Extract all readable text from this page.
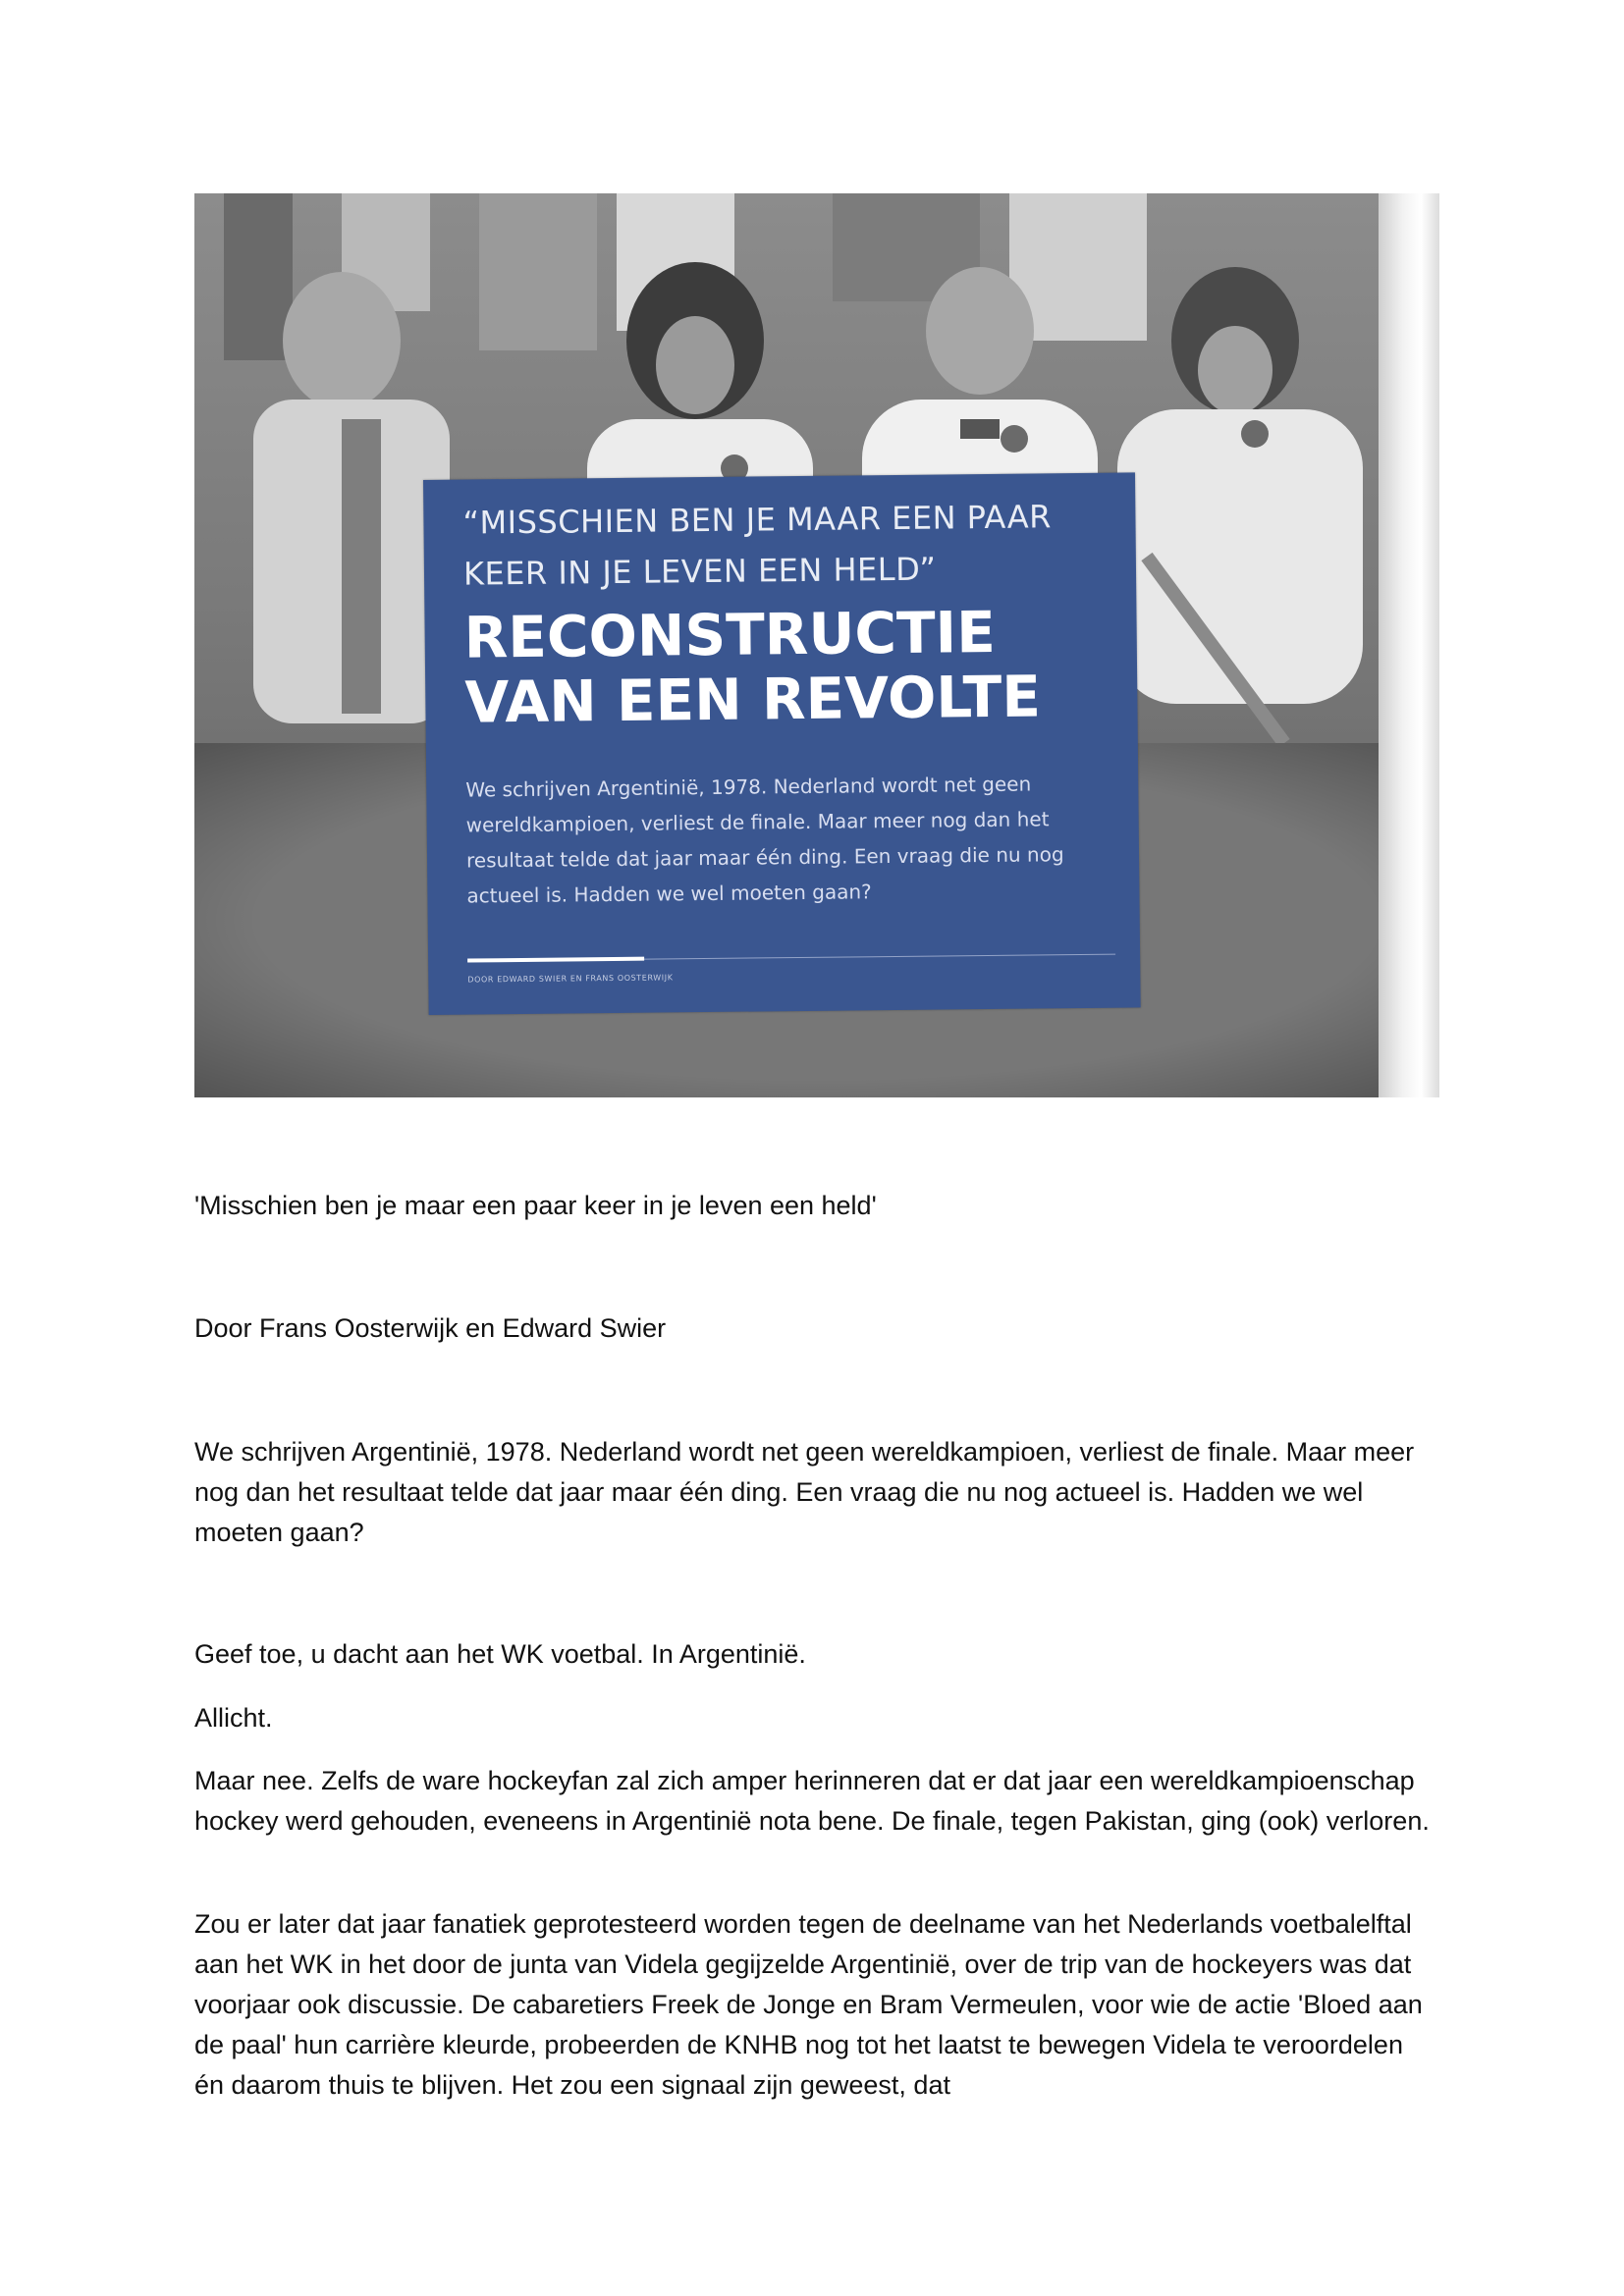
“MISSCHIEN BEN JE MAAR EEN PAAR
KEER IN JE LEVEN EEN HELD”
RECONSTRUCTIE
VAN EEN REVOLTE
We schrijven Argentinië, 1978. Nederland wordt net geen
wereldkampioen, verliest de finale. Maar meer nog dan het
resultaat telde dat jaar maar één ding. Een vraag die nu nog
actueel is. Hadden we wel moeten gaan?
DOOR EDWARD SWIER EN FRANS OOSTERWIJK

'Misschien ben je maar een paar keer in je leven een held'

Door Frans Oosterwijk en Edward Swier

We schrijven Argentinië, 1978. Nederland wordt net geen wereldkampioen, verliest de finale. Maar meer nog dan het resultaat telde dat jaar maar één ding. Een vraag die nu nog actueel is. Hadden we wel moeten gaan?

Geef toe, u dacht aan het WK voetbal. In Argentinië.

Allicht.

Maar nee. Zelfs de ware hockeyfan zal zich amper herinneren dat er dat jaar een wereldkampioenschap hockey werd gehouden, eveneens in Argentinië nota bene. De finale, tegen Pakistan, ging (ook) verloren.

Zou er later dat jaar fanatiek geprotesteerd worden tegen de deelname van het Nederlands voetbalelftal aan het WK in het door de junta van Videla gegijzelde Argentinië, over de trip van de hockeyers was dat voorjaar ook discussie. De cabaretiers Freek de Jonge en Bram Vermeulen, voor wie de actie 'Bloed aan de paal' hun carrière kleurde, probeerden de KNHB nog tot het laatst te bewegen Videla te veroordelen én daarom thuis te blijven. Het zou een signaal zijn geweest, dat
